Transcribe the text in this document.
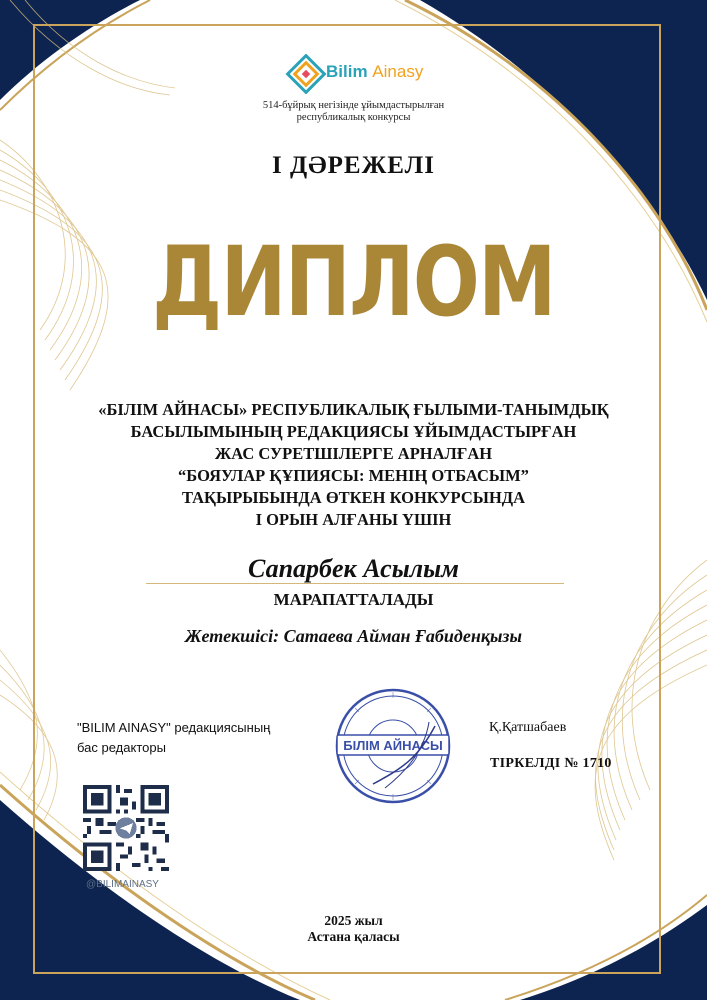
Bilim Ainasy
514-бұйрық негізінде ұйымдастырылған
республикалық конкурсы
І ДӘРЕЖЕЛІ
ДИПЛОМ
«БІЛІМ АЙНАСЫ» РЕСПУБЛИКАЛЫҚ ҒЫЛЫМИ-ТАНЫМДЫҚ
БАСЫЛЫМЫНЫҢ РЕДАКЦИЯСЫ ҰЙЫМДАСТЫРҒАН
ЖАС СУРЕТШІЛЕРГЕ АРНАЛҒАН
“БОЯУЛАР ҚҰПИЯСЫ: МЕНІҢ ОТБАСЫМ”
ТАҚЫРЫБЫНДА ӨТКЕН КОНКУРСЫНДА
І ОРЫН АЛҒАНЫ ҮШІН
Сапарбек Асылым
МАРАПАТТАЛАДЫ
Жетекшісі: Сатаева Айман Ғабиденқызы
"BILIM AINASY" редакциясының
бас редакторы	БІЛІМ АЙНАСЫ
Қ.Қатшабаев
ТІРКЕЛДІ № 1710
@BILIMAINASY
2025 жыл
Астана қаласы
